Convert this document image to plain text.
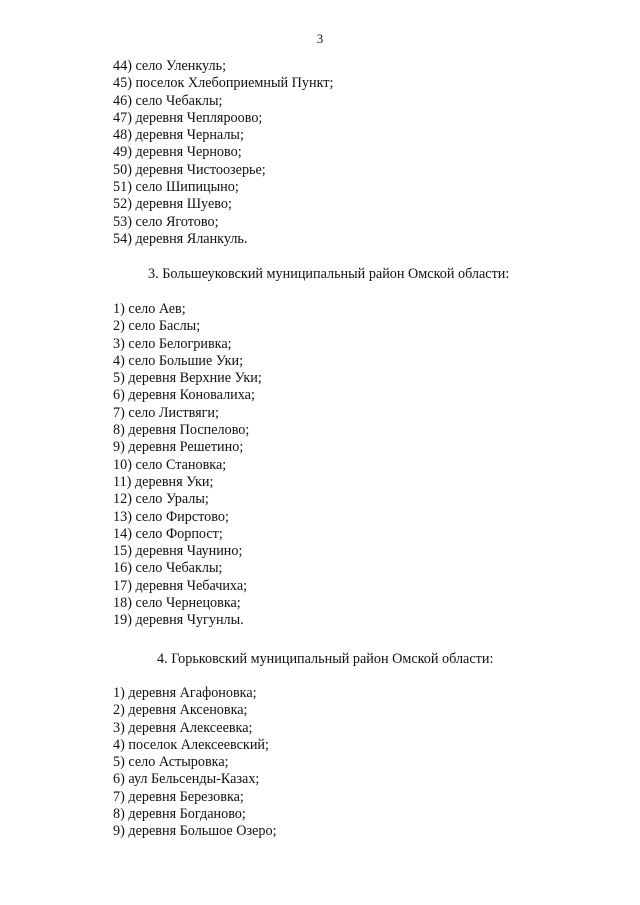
3
44) село Уленкуль;
45) поселок Хлебоприемный Пункт;
46) село Чебаклы;
47) деревня Чепляроово;
48) деревня Черналы;
49) деревня Черново;
50) деревня Чистоозерье;
51) село Шипицыно;
52) деревня Шуево;
53) село Яготово;
54) деревня Яланкуль.
3. Большеуковский муниципальный район Омской области:
1) село Аев;
2) село Баслы;
3) село Белогривка;
4) село Большие Уки;
5) деревня Верхние Уки;
6) деревня Коновалиха;
7) село Листвяги;
8) деревня Поспелово;
9) деревня Решетино;
10) село Становка;
11) деревня Уки;
12) село Уралы;
13) село Фирстово;
14) село Форпост;
15) деревня Чаунино;
16) село Чебаклы;
17) деревня Чебачиха;
18) село Чернецовка;
19) деревня Чугунлы.
4. Горьковский муниципальный район Омской области:
1) деревня Агафоновка;
2) деревня Аксеновка;
3) деревня Алексеевка;
4) поселок Алексеевский;
5) село Астыровка;
6) аул Бельсенды-Казах;
7) деревня Березовка;
8) деревня Богданово;
9) деревня Большое Озеро;
